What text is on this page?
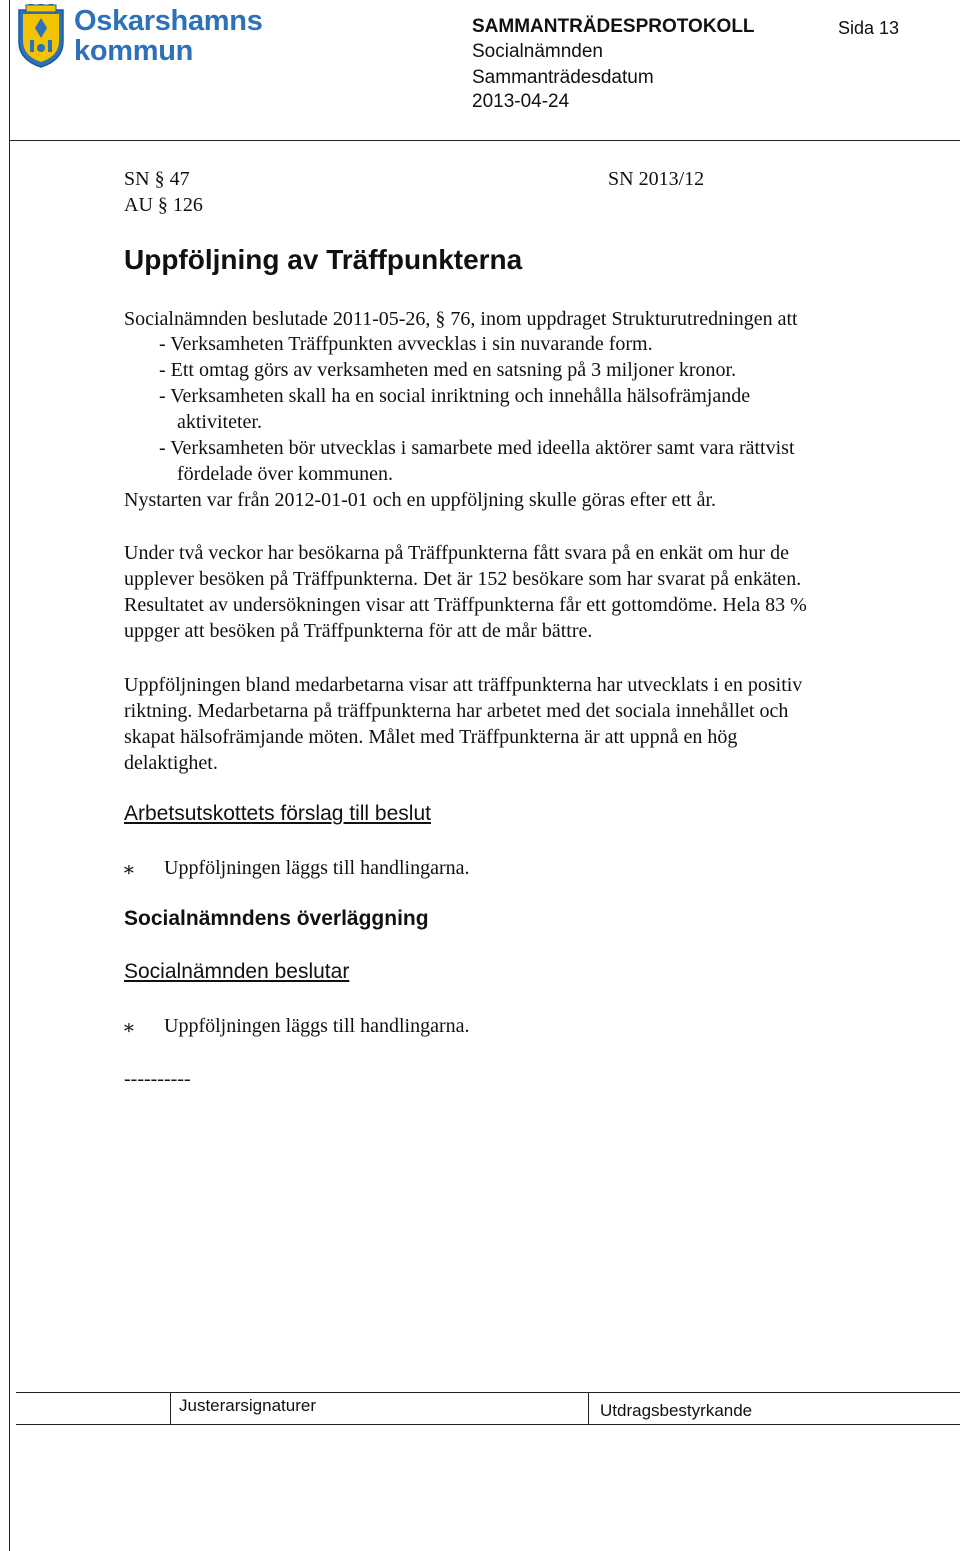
Oskarshamns
kommun
SAMMANTRÄDESPROTOKOLL
Socialnämnden
Sammanträdesdatum
2013-04-24
Sida 13
SN § 47	SN 2013/12
AU § 126
Uppföljning av Träffpunkterna
Socialnämnden beslutade 2011-05-26, § 76, inom uppdraget Strukturutredningen att
- Verksamheten Träffpunkten avvecklas i sin nuvarande form.
- Ett omtag görs av verksamheten med en satsning på 3 miljoner kronor.
- Verksamheten skall ha en social inriktning och innehålla hälsofrämjande
aktiviteter.
- Verksamheten bör utvecklas i samarbete med ideella aktörer samt vara rättvist
fördelade över kommunen.
Nystarten var från 2012-01-01 och en uppföljning skulle göras efter ett år.
Under två veckor har besökarna på Träffpunkterna fått svara på en enkät om hur de
upplever besöken på Träffpunkterna. Det är 152 besökare som har svarat på enkäten.
Resultatet av undersökningen visar att Träffpunkterna får ett gottomdöme. Hela 83 %
uppger att besöken på Träffpunkterna för att de mår bättre.
Uppföljningen bland medarbetarna visar att träffpunkterna har utvecklats i en positiv
riktning. Medarbetarna på träffpunkterna har arbetet med det sociala innehållet och
skapat hälsofrämjande möten. Målet med Träffpunkterna är att uppnå en hög
delaktighet.
Arbetsutskottets förslag till beslut
∗ Uppföljningen läggs till handlingarna.
Socialnämndens överläggning
Socialnämnden beslutar
∗ Uppföljningen läggs till handlingarna.
----------
Justerarsignaturer	Utdragsbestyrkande
